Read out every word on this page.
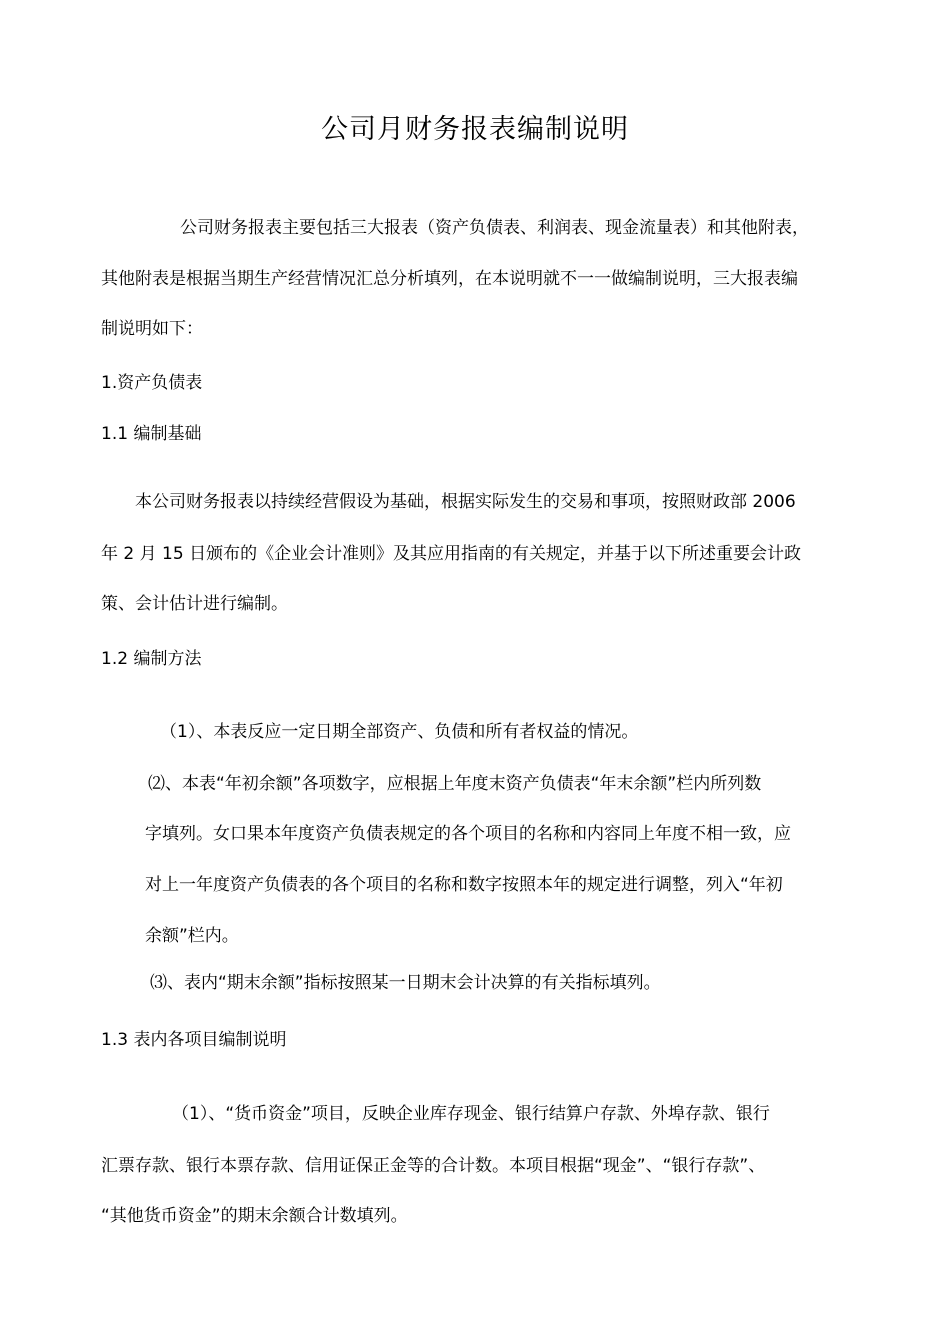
公司月财务报表编制说明
公司财务报表主要包括三大报表（资产负债表、利润表、现金流量表）和其他附表，
其他附表是根据当期生产经营情况汇总分析填列，在本说明就不一一做编制说明，三大报表编
制说明如下：
1.资产负债表
1.1 编制基础
本公司财务报表以持续经营假设为基础，根据实际发生的交易和事项，按照财政部 2006
年 2 月 15 日颁布的《企业会计准则》及其应用指南的有关规定，并基于以下所述重要会计政
策、会计估计进行编制。
1.2 编制方法
（1）、本表反应一定日期全部资产、负债和所有者权益的情况。
⑵、本表“年初余额”各项数字，应根据上年度末资产负债表“年末余额”栏内所列数
字填列。女口果本年度资产负债表规定的各个项目的名称和内容同上年度不相一致，应
对上一年度资产负债表的各个项目的名称和数字按照本年的规定进行调整，列入“年初
余额”栏内。
⑶、表内“期末余额”指标按照某一日期末会计决算的有关指标填列。
1.3 表内各项目编制说明
（1）、“货币资金”项目，反映企业库存现金、银行结算户存款、外埠存款、银行
汇票存款、银行本票存款、信用证保正金等的合计数。本项目根据“现金”、“银行存款”、
“其他货币资金”的期末余额合计数填列。
